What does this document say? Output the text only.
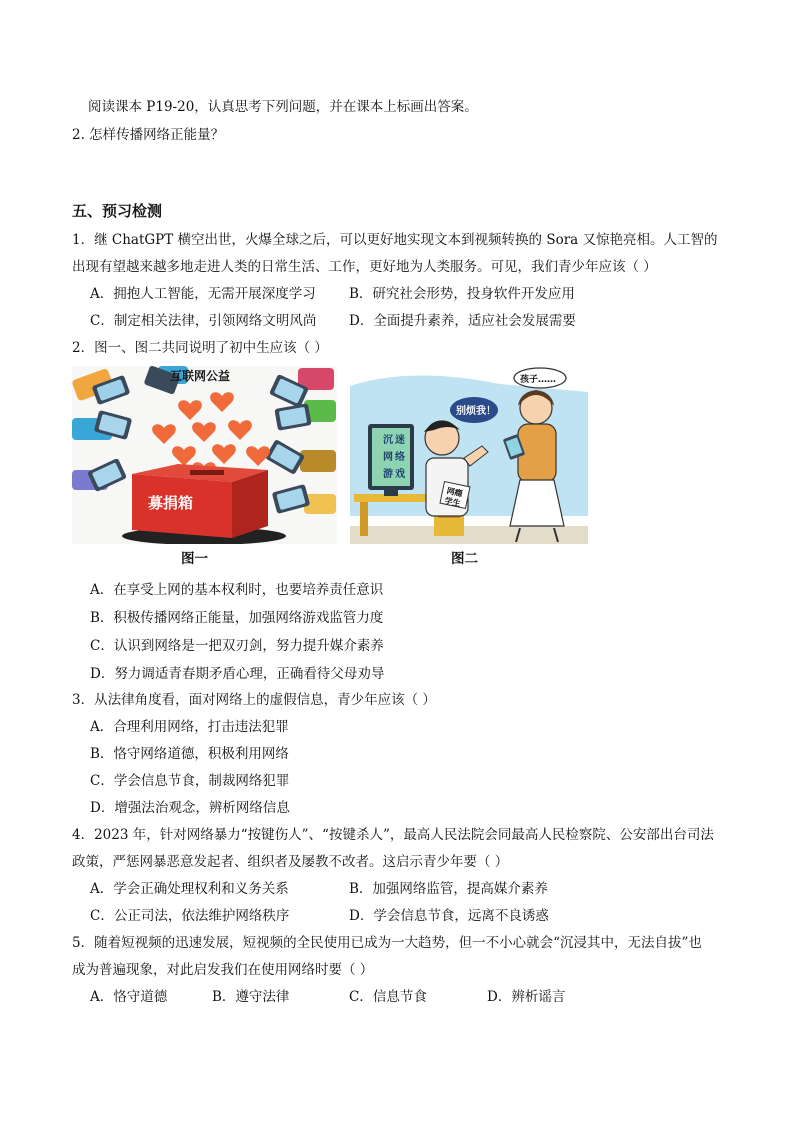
阅读课本 P19-20，认真思考下列问题，并在课本上标画出答案。
2. 怎样传播网络正能量？
五、预习检测
1．继 ChatGPT 横空出世，火爆全球之后，可以更好地实现文本到视频转换的 Sora 又惊艳亮相。人工智的
出现有望越来越多地走进人类的日常生活、工作，更好地为人类服务。可见，我们青少年应该（ ）
A．拥抱人工智能，无需开展深度学习 B．研究社会形势，投身软件开发应用
C．制定相关法律，引领网络文明风尚 D．全面提升素养，适应社会发展需要
2．图一、图二共同说明了初中生应该（ ）
募捐箱
互联网公益
图一
沉 迷
网 络
游 戏
网瘾
学生
别烦我！
孩子……
图二
A．在享受上网的基本权利时，也要培养责任意识
B．积极传播网络正能量，加强网络游戏监管力度
C．认识到网络是一把双刃剑，努力提升媒介素养
D．努力调适青春期矛盾心理，正确看待父母劝导
3．从法律角度看，面对网络上的虚假信息，青少年应该（ ）
A．合理利用网络，打击违法犯罪
B．恪守网络道德，积极利用网络
C．学会信息节食，制裁网络犯罪
D．增强法治观念，辨析网络信息
4．2023 年，针对网络暴力“按键伤人”、“按键杀人”，最高人民法院会同最高人民检察院、公安部出台司法
政策，严惩网暴恶意发起者、组织者及屡教不改者。这启示青少年要（ ）
A．学会正确处理权利和义务关系	B．加强网络监管，提高媒介素养
C．公正司法，依法维护网络秩序	D．学会信息节食，远离不良诱惑
5．随着短视频的迅速发展，短视频的全民使用已成为一大趋势，但一不小心就会“沉浸其中，无法自拔”也
成为普遍现象，对此启发我们在使用网络时要（ ）
A．恪守道德	B．遵守法律	C．信息节食	D．辨析谣言
